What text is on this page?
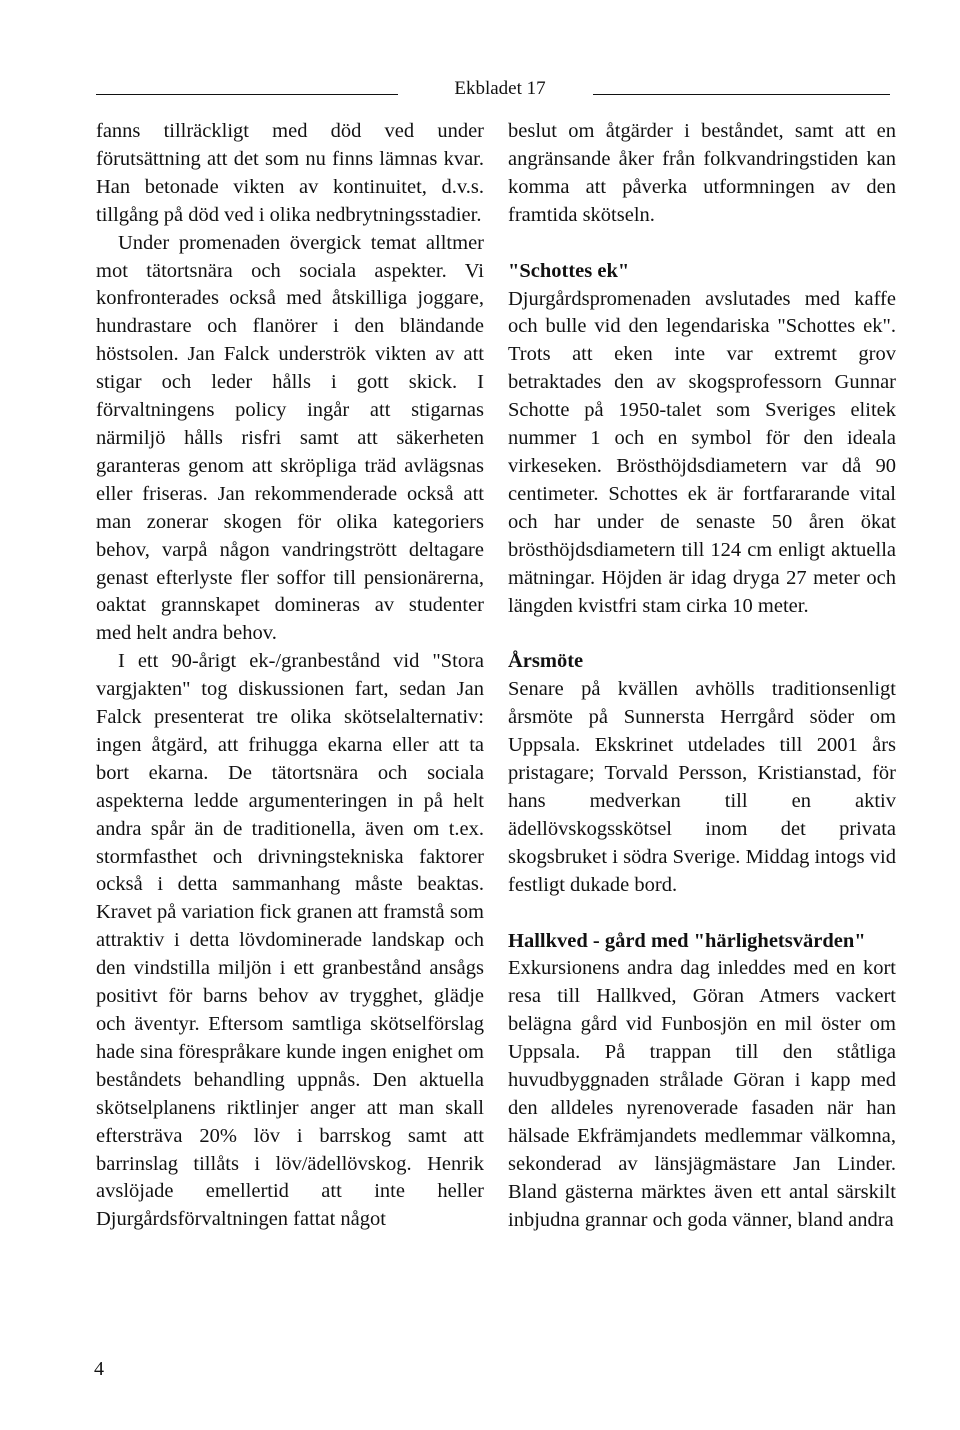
Ekbladet 17

fanns tillräckligt med död ved under förutsättning att det som nu finns lämnas kvar. Han betonade vikten av kontinuitet, d.v.s. tillgång på död ved i olika nedbrytningsstadier.

Under promenaden övergick temat alltmer mot tätortsnära och sociala aspekter. Vi konfronterades också med åtskilliga joggare, hundrastare och flanörer i den bländande höstsolen. Jan Falck underströk vikten av att stigar och leder hålls i gott skick. I förvaltningens policy ingår att stigarnas närmiljö hålls risfri samt att säkerheten garanteras genom att skröpliga träd avlägsnas eller friseras. Jan rekommenderade också att man zonerar skogen för olika kategoriers behov, varpå någon vandringstrött deltagare genast efterlyste fler soffor till pensionärerna, oaktat grannskapet domineras av studenter med helt andra behov.

I ett 90-årigt ek-/granbestånd vid "Stora vargjakten" tog diskussionen fart, sedan Jan Falck presenterat tre olika skötselalternativ: ingen åtgärd, att frihugga ekarna eller att ta bort ekarna. De tätortsnära och sociala aspekterna ledde argumenteringen in på helt andra spår än de traditionella, även om t.ex. stormfasthet och drivningstekniska faktorer också i detta sammanhang måste beaktas. Kravet på variation fick granen att framstå som attraktiv i detta lövdominerade landskap och den vindstilla miljön i ett granbestånd ansågs positivt för barns behov av trygghet, glädje och äventyr. Eftersom samtliga skötselförslag hade sina förespråkare kunde ingen enighet om beståndets behandling uppnås. Den aktuella skötselplanens riktlinjer anger att man skall eftersträva 20% löv i barrskog samt att barrinslag tillåts i löv/ädellövskog. Henrik avslöjade emellertid att inte heller Djurgårdsförvaltningen fattat något

beslut om åtgärder i beståndet, samt att en angränsande åker från folkvandringstiden kan komma att påverka utformningen av den framtida skötseln.

"Schottes ek"

Djurgårdspromenaden avslutades med kaffe och bulle vid den legendariska "Schottes ek". Trots att eken inte var extremt grov betraktades den av skogsprofessorn Gunnar Schotte på 1950-talet som Sveriges elitek nummer 1 och en symbol för den ideala virkeseken. Brösthöjdsdiametern var då 90 centimeter. Schottes ek är fortfararande vital och har under de senaste 50 åren ökat brösthöjdsdiametern till 124 cm enligt aktuella mätningar. Höjden är idag dryga 27 meter och längden kvistfri stam cirka 10 meter.

Årsmöte

Senare på kvällen avhölls traditionsenligt årsmöte på Sunnersta Herrgård söder om Uppsala. Ekskrinet utdelades till 2001 års pristagare; Torvald Persson, Kristianstad, för hans medverkan till en aktiv ädellövskogsskötsel inom det privata skogsbruket i södra Sverige. Middag intogs vid festligt dukade bord.

Hallkved - gård med "härlighetsvärden"

Exkursionens andra dag inleddes med en kort resa till Hallkved, Göran Atmers vackert belägna gård vid Funbosjön en mil öster om Uppsala. På trappan till den ståtliga huvudbyggnaden strålade Göran i kapp med den alldeles nyrenoverade fasaden när han hälsade Ekfrämjandets medlemmar välkomna, sekonderad av länsjägmästare Jan Linder. Bland gästerna märktes även ett antal särskilt inbjudna grannar och goda vänner, bland andra

4
